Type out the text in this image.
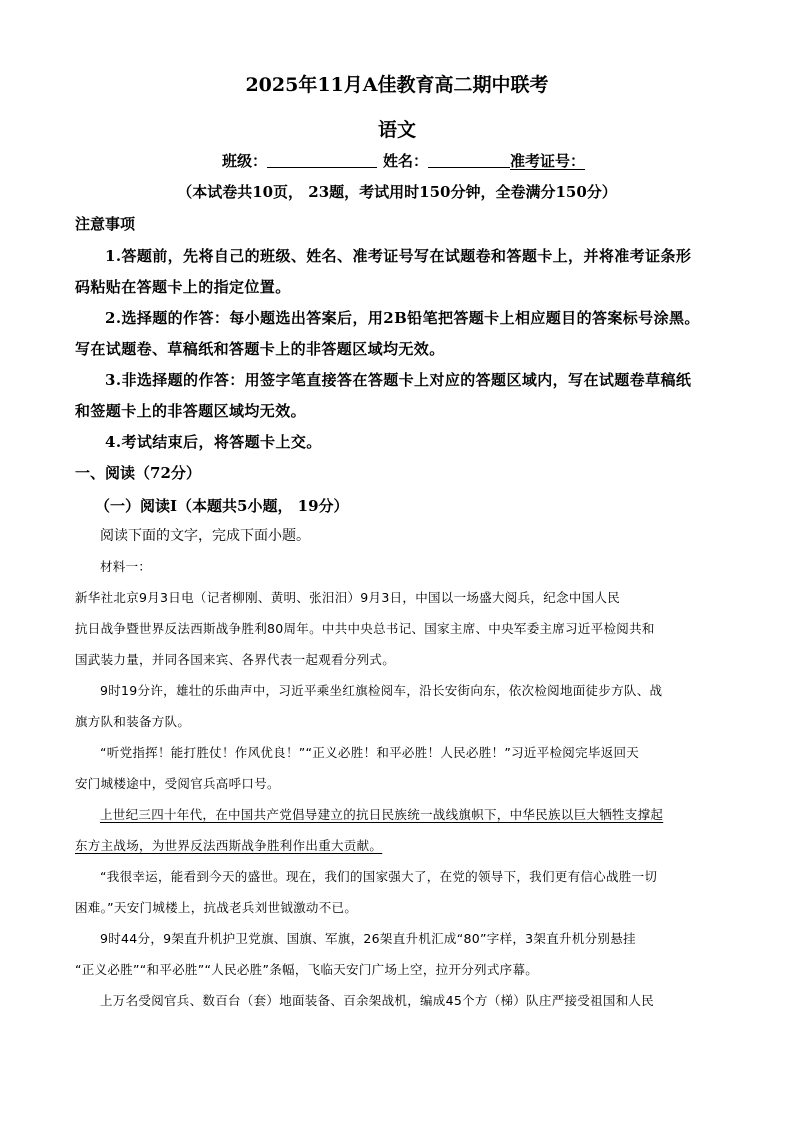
2025年11月A佳教育高二期中联考
语文
班级：	姓名：	准考证号：
（本试卷共10页， 23题，考试用时150分钟，全卷满分150分）
注意事项
1.答题前，先将自己的班级、姓名、准考证号写在试题卷和答题卡上，并将准考证条形
码粘贴在答题卡上的指定位置。
2.选择题的作答：每小题选出答案后，用2B铅笔把答题卡上相应题目的答案标号涂黑。
写在试题卷、草稿纸和答题卡上的非答题区域均无效。
3.非选择题的作答：用签字笔直接答在答题卡上对应的答题区域内，写在试题卷草稿纸
和签题卡上的非答题区域均无效。
4.考试结束后，将答题卡上交。
一、阅读（72分）
（一）阅读Ⅰ（本题共5小题， 19分）
阅读下面的文字，完成下面小题。
材料一：
新华社北京9月3日电（记者柳刚、黄明、张汨汨）9月3日，中国以一场盛大阅兵，纪念中国人民
抗日战争暨世界反法西斯战争胜利80周年。中共中央总书记、国家主席、中央军委主席习近平检阅共和
国武装力量，并同各国来宾、各界代表一起观看分列式。
9时19分许，雄壮的乐曲声中，习近平乘坐红旗检阅车，沿长安街向东，依次检阅地面徒步方队、战
旗方队和装备方队。
“听党指挥！能打胜仗！作风优良！”“正义必胜！和平必胜！人民必胜！”习近平检阅完毕返回天
安门城楼途中，受阅官兵高呼口号。
上世纪三四十年代，在中国共产党倡导建立的抗日民族统一战线旗帜下，中华民族以巨大牺牲支撑起
东方主战场，为世界反法西斯战争胜利作出重大贡献。
“我很幸运，能看到今天的盛世。现在，我们的国家强大了，在党的领导下，我们更有信心战胜一切
困难。”天安门城楼上，抗战老兵刘世钺激动不已。
9时44分，9架直升机护卫党旗、国旗、军旗，26架直升机汇成“80”字样，3架直升机分别悬挂
“正义必胜”“和平必胜”“人民必胜”条幅，飞临天安门广场上空，拉开分列式序幕。
上万名受阅官兵、数百台（套）地面装备、百余架战机，编成45个方（梯）队庄严接受祖国和人民
